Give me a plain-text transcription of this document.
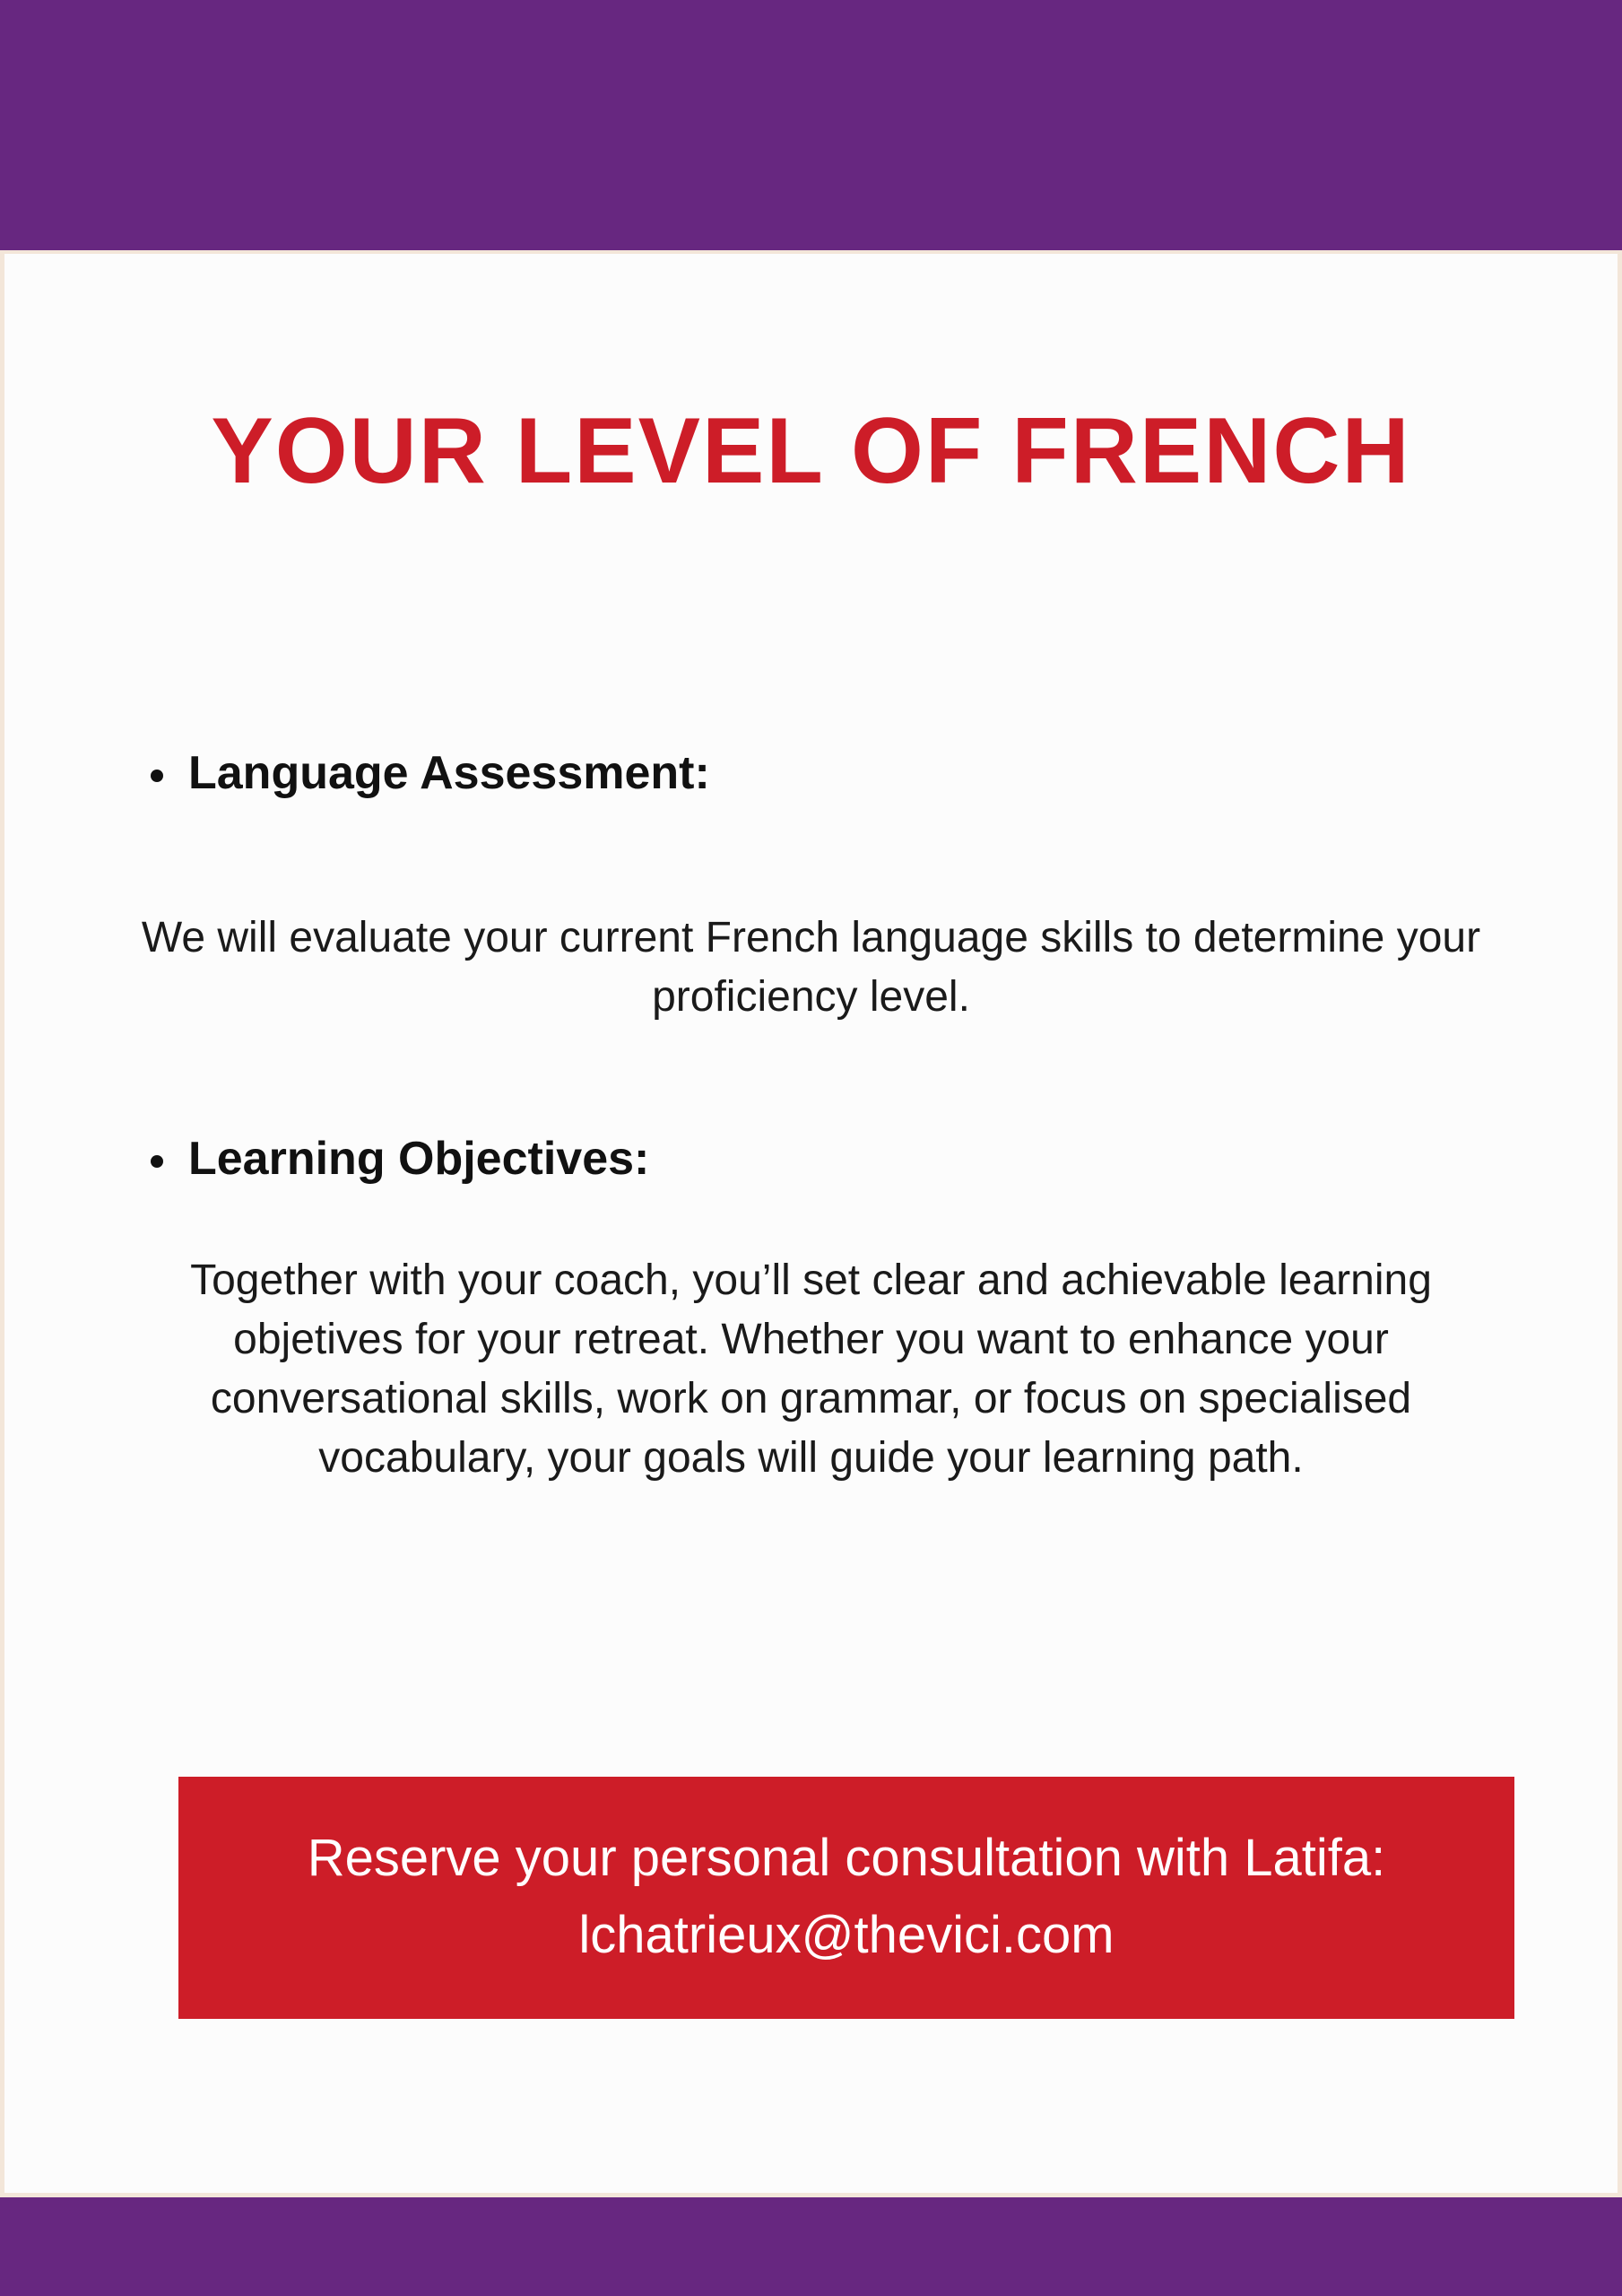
YOUR LEVEL OF FRENCH
Language Assessment:

We will evaluate your current French language skills to determine your proficiency level.

Learning Objectives:

Together with your coach, you’ll set clear and achievable learning objetives for your retreat. Whether you want to enhance your conversational skills, work on grammar, or focus on specialised vocabulary, your goals will guide your learning path.

Reserve your personal consultation with Latifa:

lchatrieux@thevici.com
